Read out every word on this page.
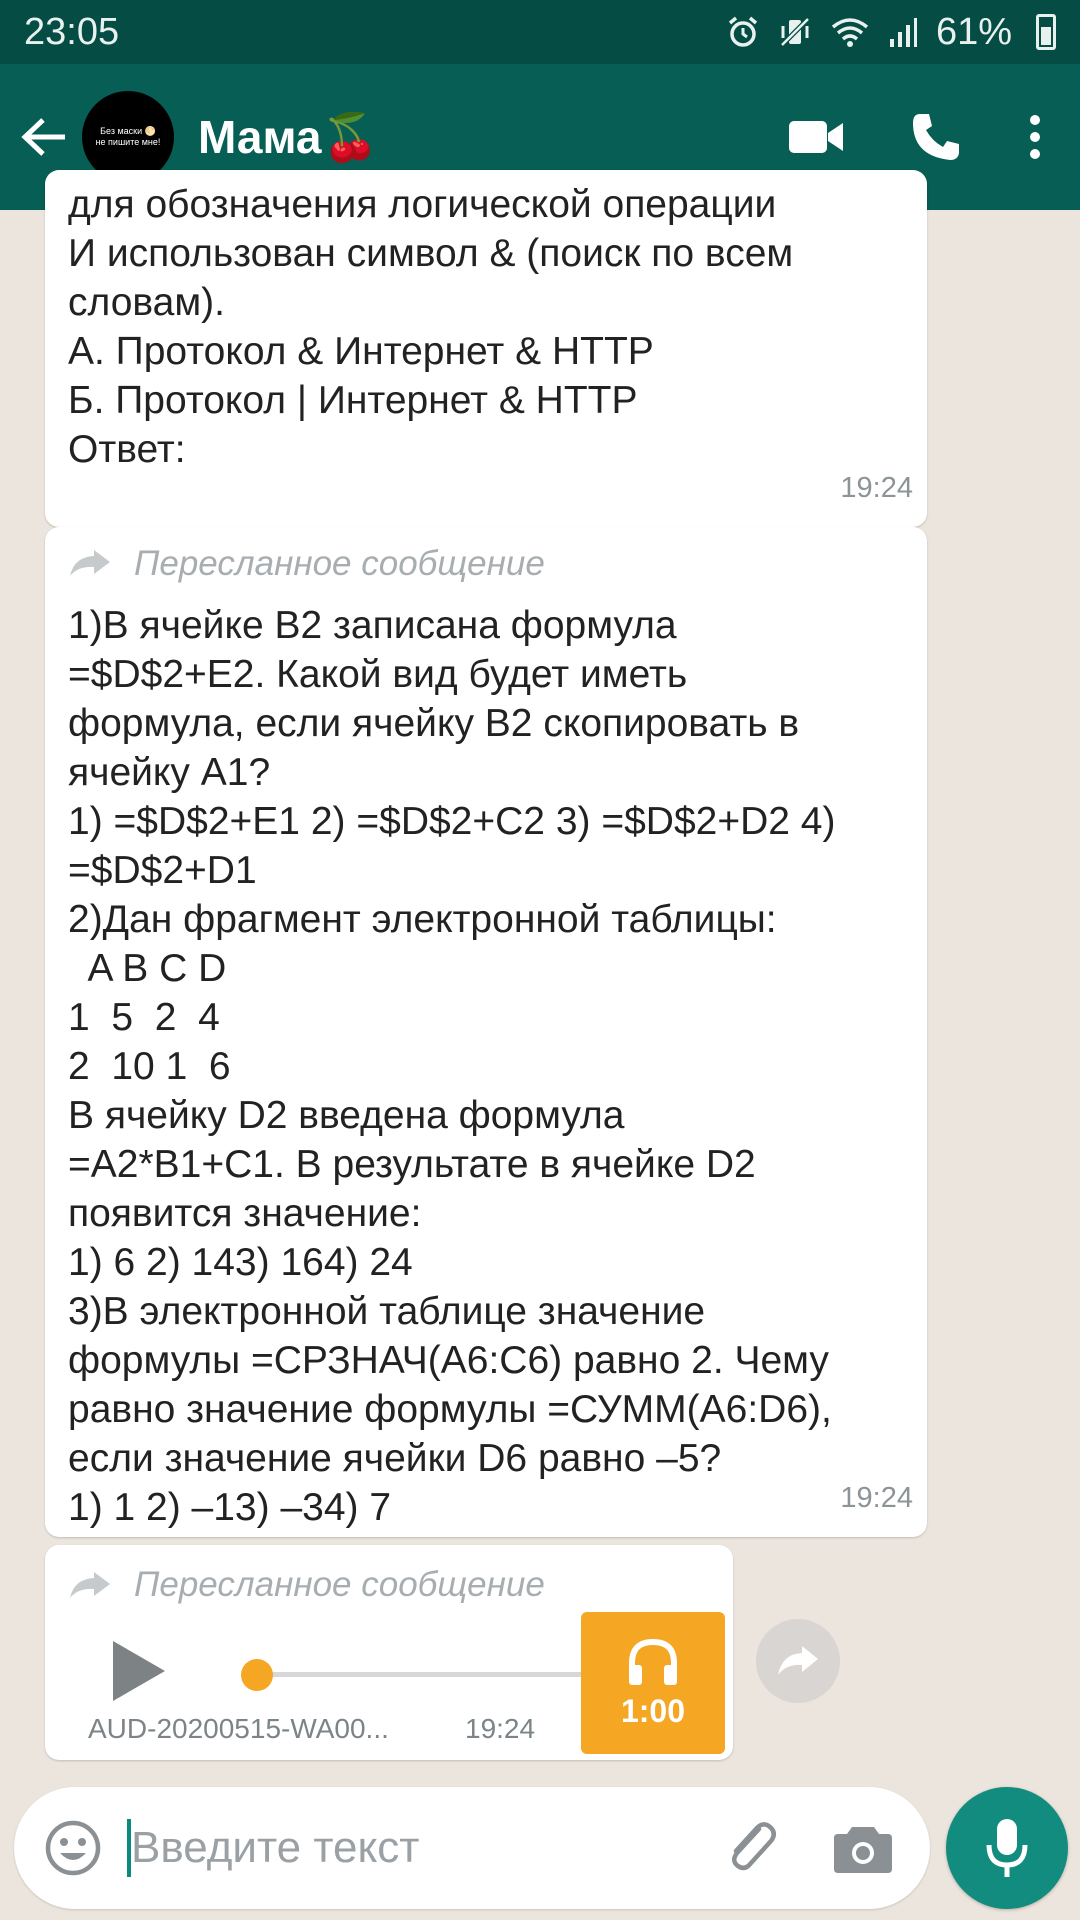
23:05	61%
Без маски 🌕
не пишите мне! Мама🍒
для обозначения логической операции
И использован символ & (поиск по всем
словам).
А. Протокол & Интернет & HTTP
Б. Протокол | Интернет & HTTP
Ответ:
19:24
Пересланное сообщение
1)В ячейке В2 записана формула
=$D$2+E2. Какой вид будет иметь
формула, если ячейку В2 скопировать в
ячейку А1?
1) =$D$2+E1 2) =$D$2+C2 3) =$D$2+D2 4)
=$D$2+D1
2)Дан фрагмент электронной таблицы:
A B C D
1  5  2  4
2  10 1  6
В ячейку D2 введена формула
=A2*B1+C1. В результате в ячейке D2
появится значение:
1) 6 2) 143) 164) 24
3)В электронной таблице значение
формулы =СРЗНАЧ(A6:C6) равно 2. Чему
равно значение формулы =СУММ(A6:D6),
если значение ячейки D6 равно –5?
1) 1 2) –13) –34) 7	19:24
Пересланное сообщение
AUD-20200515-WA00...	19:24	1:00
Введите текст
